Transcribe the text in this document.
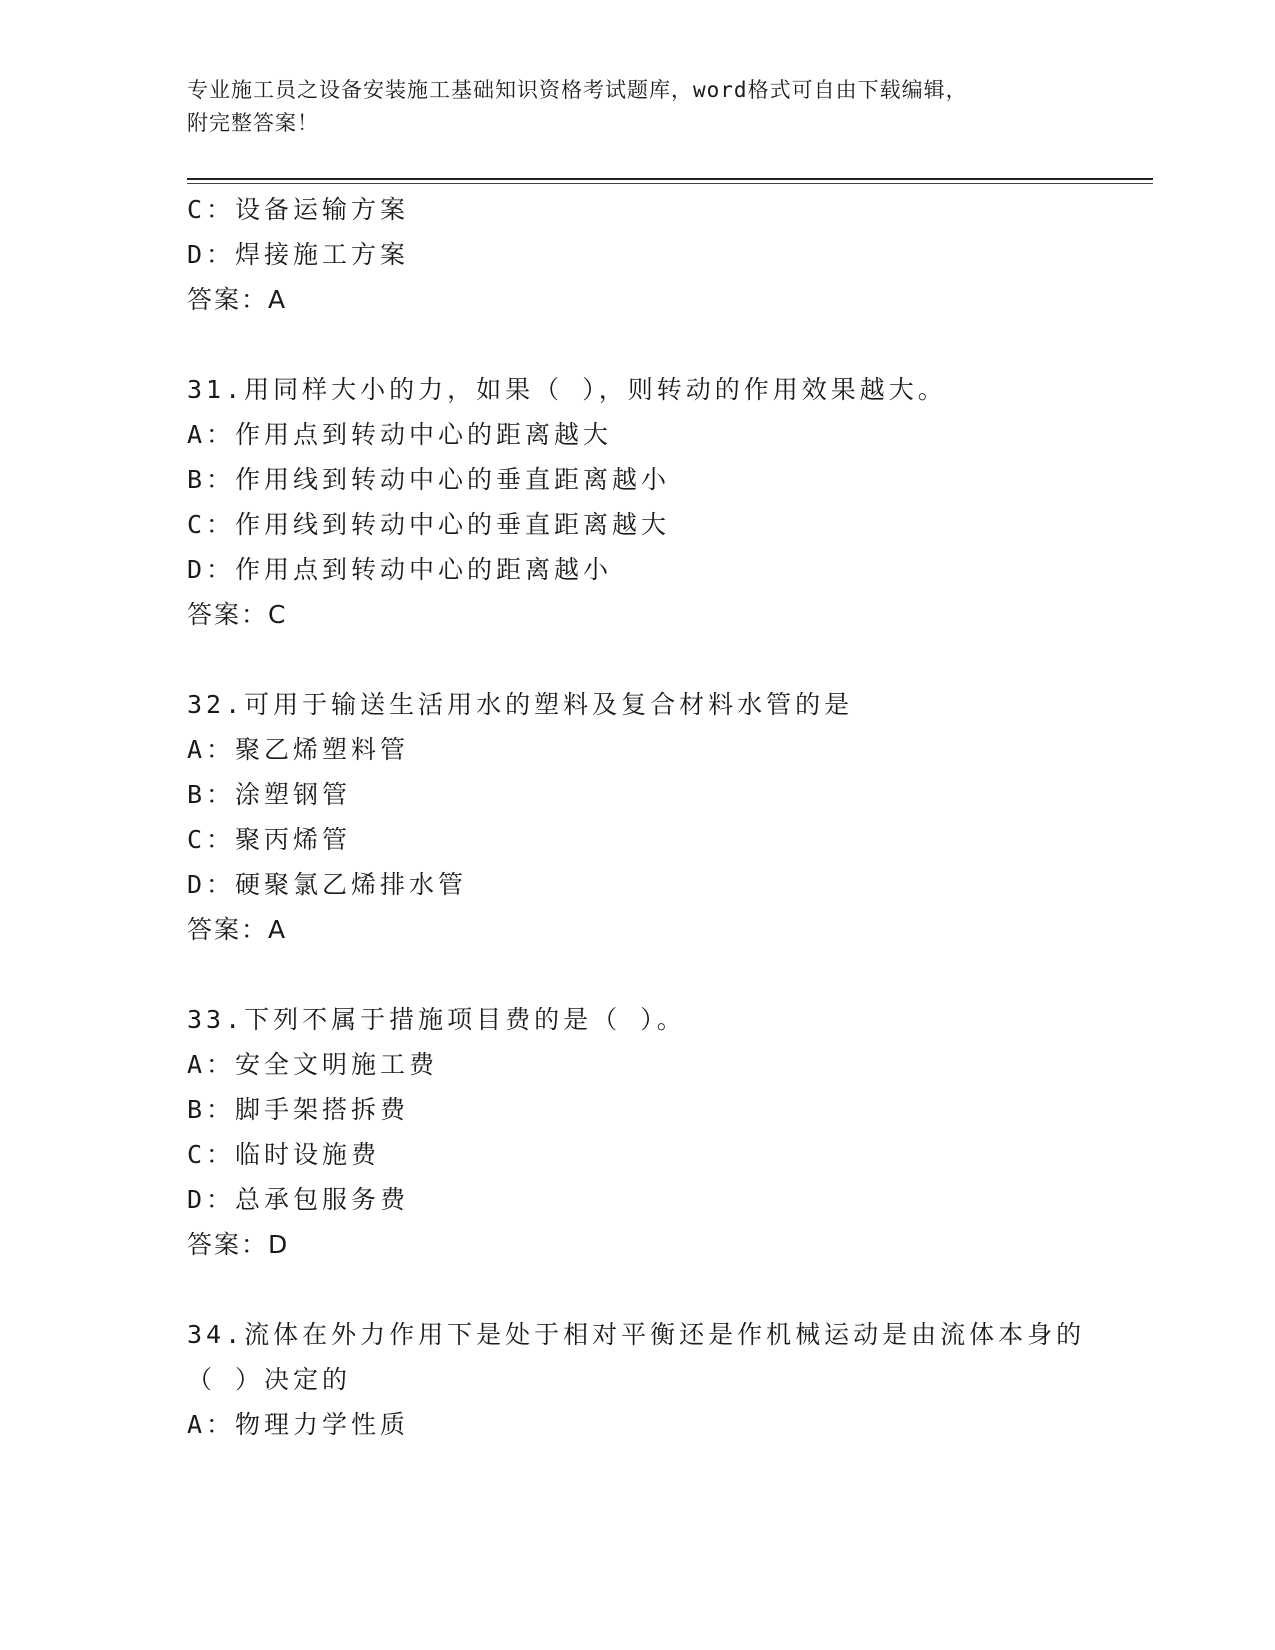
专业施工员之设备安装施工基础知识资格考试题库，word格式可自由下载编辑，
附完整答案！
C：设备运输方案
D：焊接施工方案
答案：A
31.用同样大小的力，如果（ ），则转动的作用效果越大。
A：作用点到转动中心的距离越大
B：作用线到转动中心的垂直距离越小
C：作用线到转动中心的垂直距离越大
D：作用点到转动中心的距离越小
答案：C
32.可用于输送生活用水的塑料及复合材料水管的是
A：聚乙烯塑料管
B：涂塑钢管
C：聚丙烯管
D：硬聚氯乙烯排水管
答案：A
33.下列不属于措施项目费的是（ ）。
A：安全文明施工费
B：脚手架搭拆费
C：临时设施费
D：总承包服务费
答案：D
34.流体在外力作用下是处于相对平衡还是作机械运动是由流体本身的
（ ）决定的
A：物理力学性质
